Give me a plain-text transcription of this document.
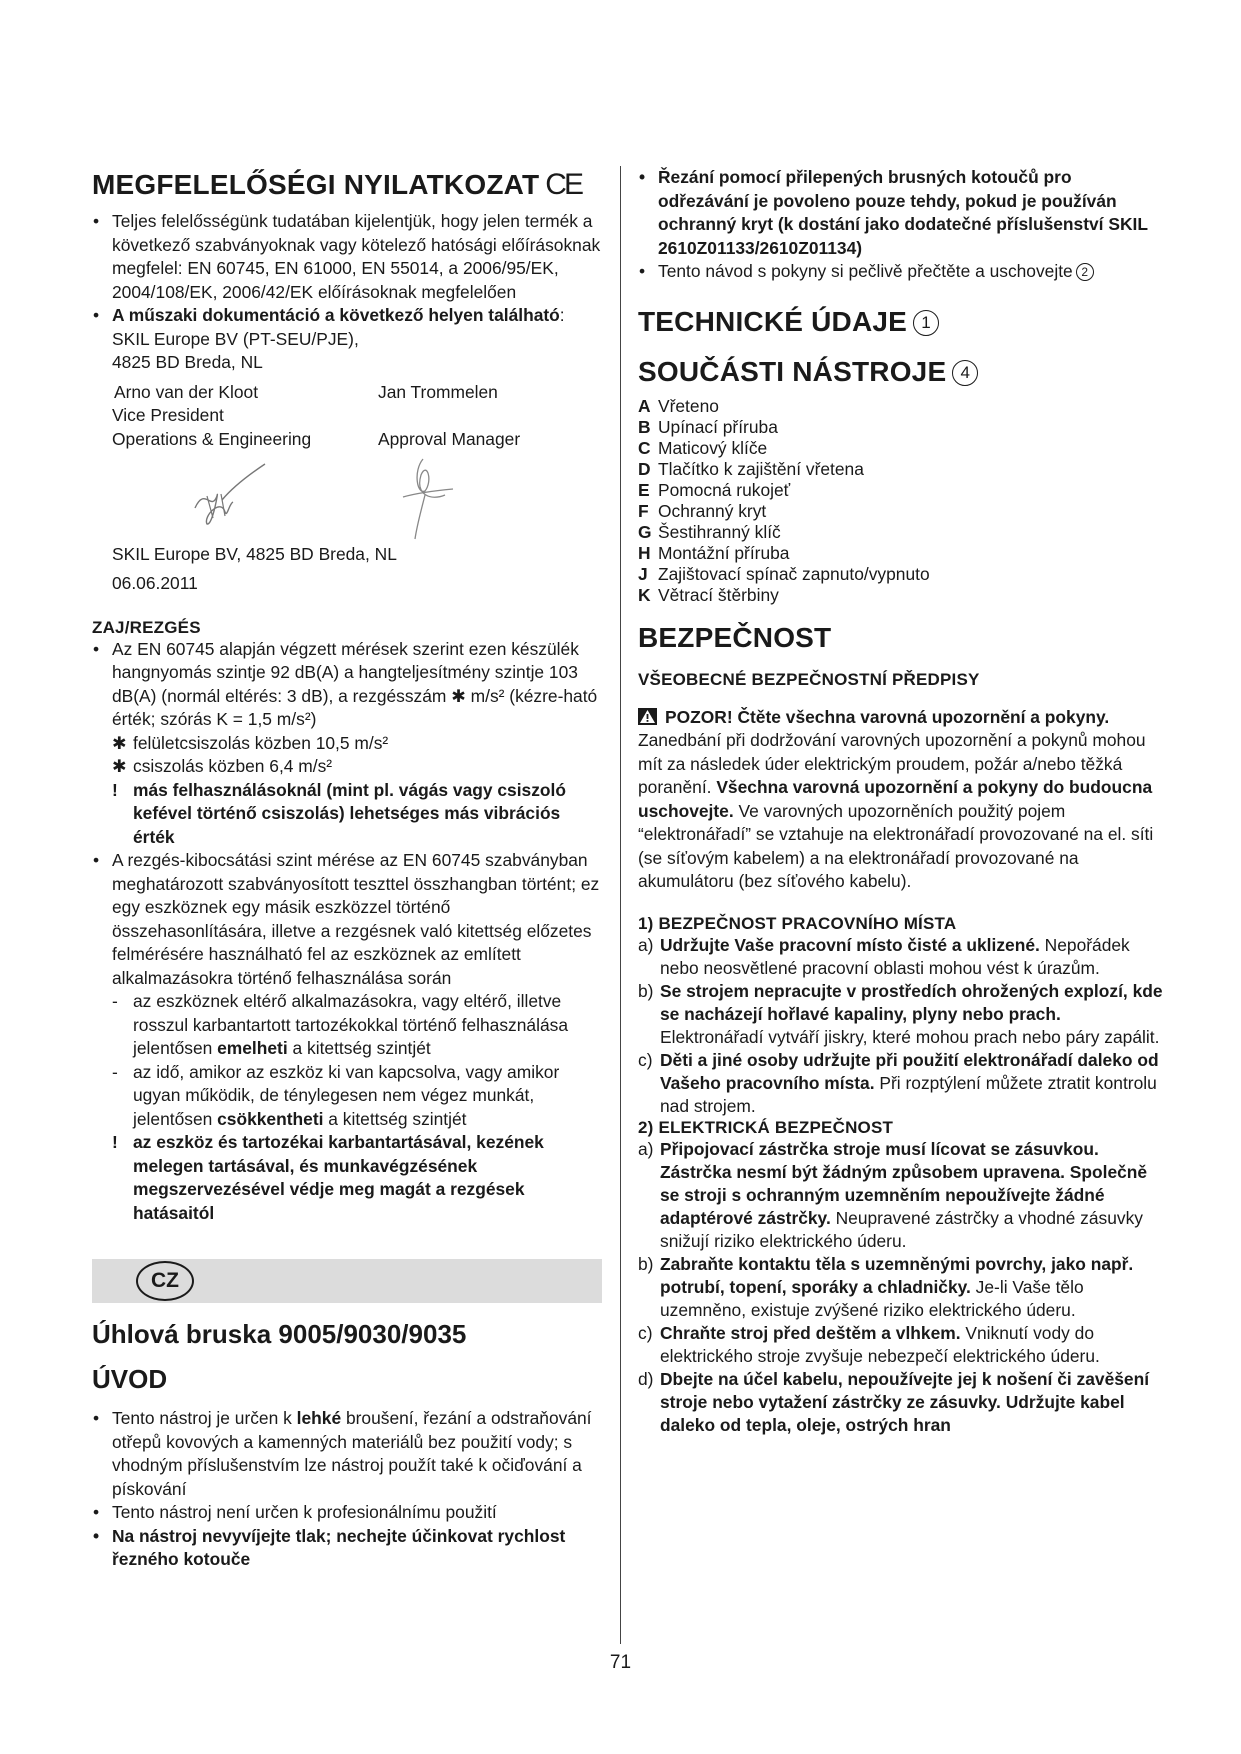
MEGFELELŐSÉGI NYILATKOZAT CE

• Teljes felelősségünk tudatában kijelentjük, hogy jelen termék a következő szabványoknak vagy kötelező hatósági előírásoknak megfelel: EN 60745, EN 61000, EN 55014, a 2006/95/EK, 2004/108/EK, 2006/42/EK előírásoknak megfelelően

• A műszaki dokumentáció a következő helyen található: SKIL Europe BV (PT-SEU/PJE),

4825 BD Breda, NL

Arno van der Kloot	Jan Trommelen
Vice President
Operations & Engineering	Approval Manager

SKIL Europe BV, 4825 BD Breda, NL

06.06.2011

ZAJ/REZGÉS

• Az EN 60745 alapján végzett mérések szerint ezen készülék hangnyomás szintje 92 dB(A) a hangteljesítmény szintje 103 dB(A) (normál eltérés: 3 dB), a rezgésszám ✱ m/s² (kézre-ható érték; szórás K = 1,5 m/s²)

✱ felületcsiszolás közben 10,5 m/s²

✱ csiszolás közben 6,4 m/s²

! más felhasználásoknál (mint pl. vágás vagy csiszoló kefével történő csiszolás) lehetséges más vibrációs érték

• A rezgés-kibocsátási szint mérése az EN 60745 szabványban meghatározott szabványosított teszttel összhangban történt; ez egy eszköznek egy másik eszközzel történő összehasonlítására, illetve a rezgésnek való kitettség előzetes felmérésére használható fel az eszköznek az említett alkalmazásokra történő felhasználása során

- az eszköznek eltérő alkalmazásokra, vagy eltérő, illetve rosszul karbantartott tartozékokkal történő felhasználása jelentősen emelheti a kitettség szintjét

- az idő, amikor az eszköz ki van kapcsolva, vagy amikor ugyan működik, de ténylegesen nem végez munkát, jelentősen csökkentheti a kitettség szintjét

! az eszköz és tartozékai karbantartásával, kezének melegen tartásával, és munkavégzésének megszervezésével védje meg magát a rezgések hatásaitól

CZ
Úhlová bruska 9005/9030/9035
ÚVOD

• Tento nástroj je určen k lehké broušení, řezání a odstraňování otřepů kovových a kamenných materiálů bez použití vody; s vhodným příslušenstvím lze nástroj použít také k očiďování a pískování

• Tento nástroj není určen k profesionálnímu použití

• Na nástroj nevyvíjejte tlak; nechejte účinkovat rychlost řezného kotouče

• Řezání pomocí přilepených brusných kotoučů pro odřezávání je povoleno pouze tehdy, pokud je používán ochranný kryt (k dostání jako dodatečné příslušenství SKIL 2610Z01133/2610Z01134)

• Tento návod s pokyny si pečlivě přečtěte a uschovejte 2

TECHNICKÉ ÚDAJE 1
SOUČÁSTI NÁSTROJE 4
A Vřeteno
B Upínací příruba
C Maticový klíče
D Tlačítko k zajištění vřetena
E Pomocná rukojeť
F Ochranný kryt
G Šestihranný klíč
H Montážní příruba
J Zajištovací spínač zapnuto/vypnuto
K Větrací štěrbiny
BEZPEČNOST
VŠEOBECNÉ BEZPEČNOSTNÍ PŘEDPISY

POZOR! Čtěte všechna varovná upozornění a pokyny. Zanedbání při dodržování varovných upozornění a pokynů mohou mít za následek úder elektrickým proudem, požár a/nebo těžká poranění. Všechna varovná upozornění a pokyny do budoucna uschovejte. Ve varovných upozorněních použitý pojem “elektronářadí” se vztahuje na elektronářadí provozované na el. síti (se síťovým kabelem) a na elektronářadí provozované na akumulátoru (bez síťového kabelu).

1) BEZPEČNOST PRACOVNÍHO MÍSTA
a) Udržujte Vaše pracovní místo čisté a uklizené. Nepořádek nebo neosvětlené pracovní oblasti mohou vést k úrazům.
b) Se strojem nepracujte v prostředích ohrožených explozí, kde se nacházejí hořlavé kapaliny, plyny nebo prach. Elektronářadí vytváří jiskry, které mohou prach nebo páry zapálit.
c) Děti a jiné osoby udržujte při použití elektronářadí daleko od Vašeho pracovního místa. Při rozptýlení můžete ztratit kontrolu nad strojem.
2) ELEKTRICKÁ BEZPEČNOST
a) Připojovací zástrčka stroje musí lícovat se zásuvkou. Zástrčka nesmí být žádným způsobem upravena. Společně se stroji s ochranným uzemněním nepoužívejte žádné adaptérové zástrčky. Neupravené zástrčky a vhodné zásuvky snižují riziko elektrického úderu.
b) Zabraňte kontaktu těla s uzemněnými povrchy, jako např. potrubí, topení, sporáky a chladničky. Je-li Vaše tělo uzemněno, existuje zvýšené riziko elektrického úderu.
c) Chraňte stroj před deštěm a vlhkem. Vniknutí vody do elektrického stroje zvyšuje nebezpečí elektrického úderu.
d) Dbejte na účel kabelu, nepoužívejte jej k nošení či zavěšení stroje nebo vytažení zástrčky ze zásuvky. Udržujte kabel daleko od tepla, oleje, ostrých hran
71
